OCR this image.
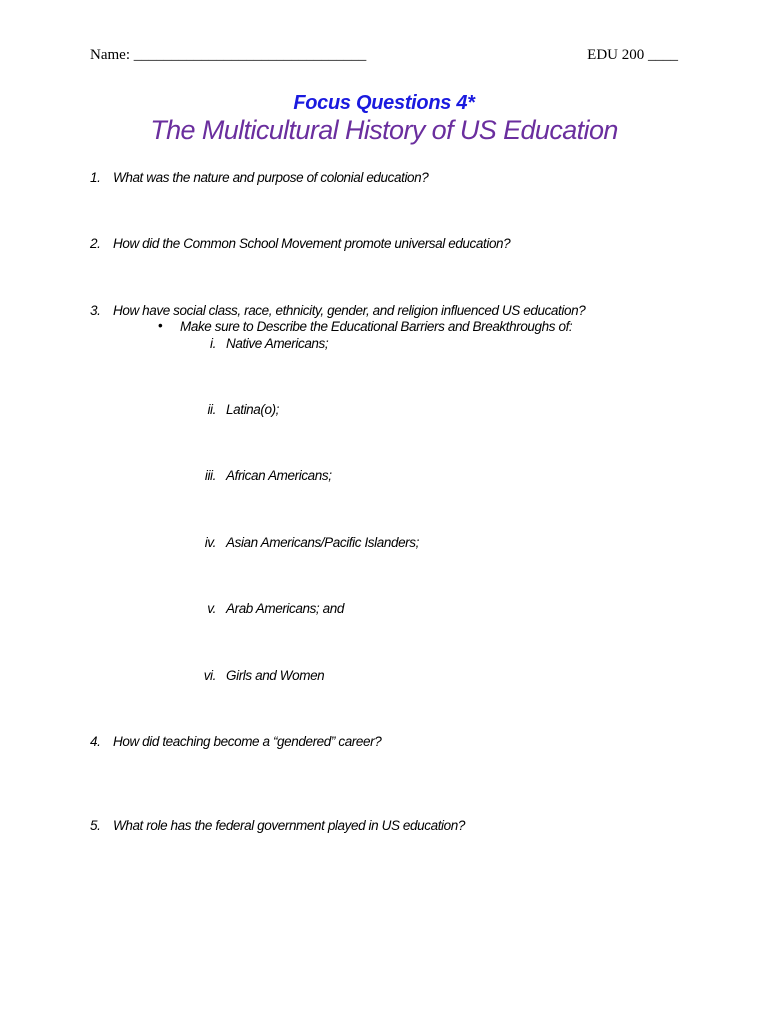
Name: _______________________________	EDU 200 ____
Focus Questions 4*
The Multicultural History of US Education
1. What was the nature and purpose of colonial education?
2. How did the Common School Movement promote universal education?
3. How have social class, race, ethnicity, gender, and religion influenced US education?
• Make sure to Describe the Educational Barriers and Breakthroughs of:
i. Native Americans;
ii. Latina(o);
iii. African Americans;
iv. Asian Americans/Pacific Islanders;
v. Arab Americans; and
vi. Girls and Women
4. How did teaching become a “gendered” career?
5. What role has the federal government played in US education?
